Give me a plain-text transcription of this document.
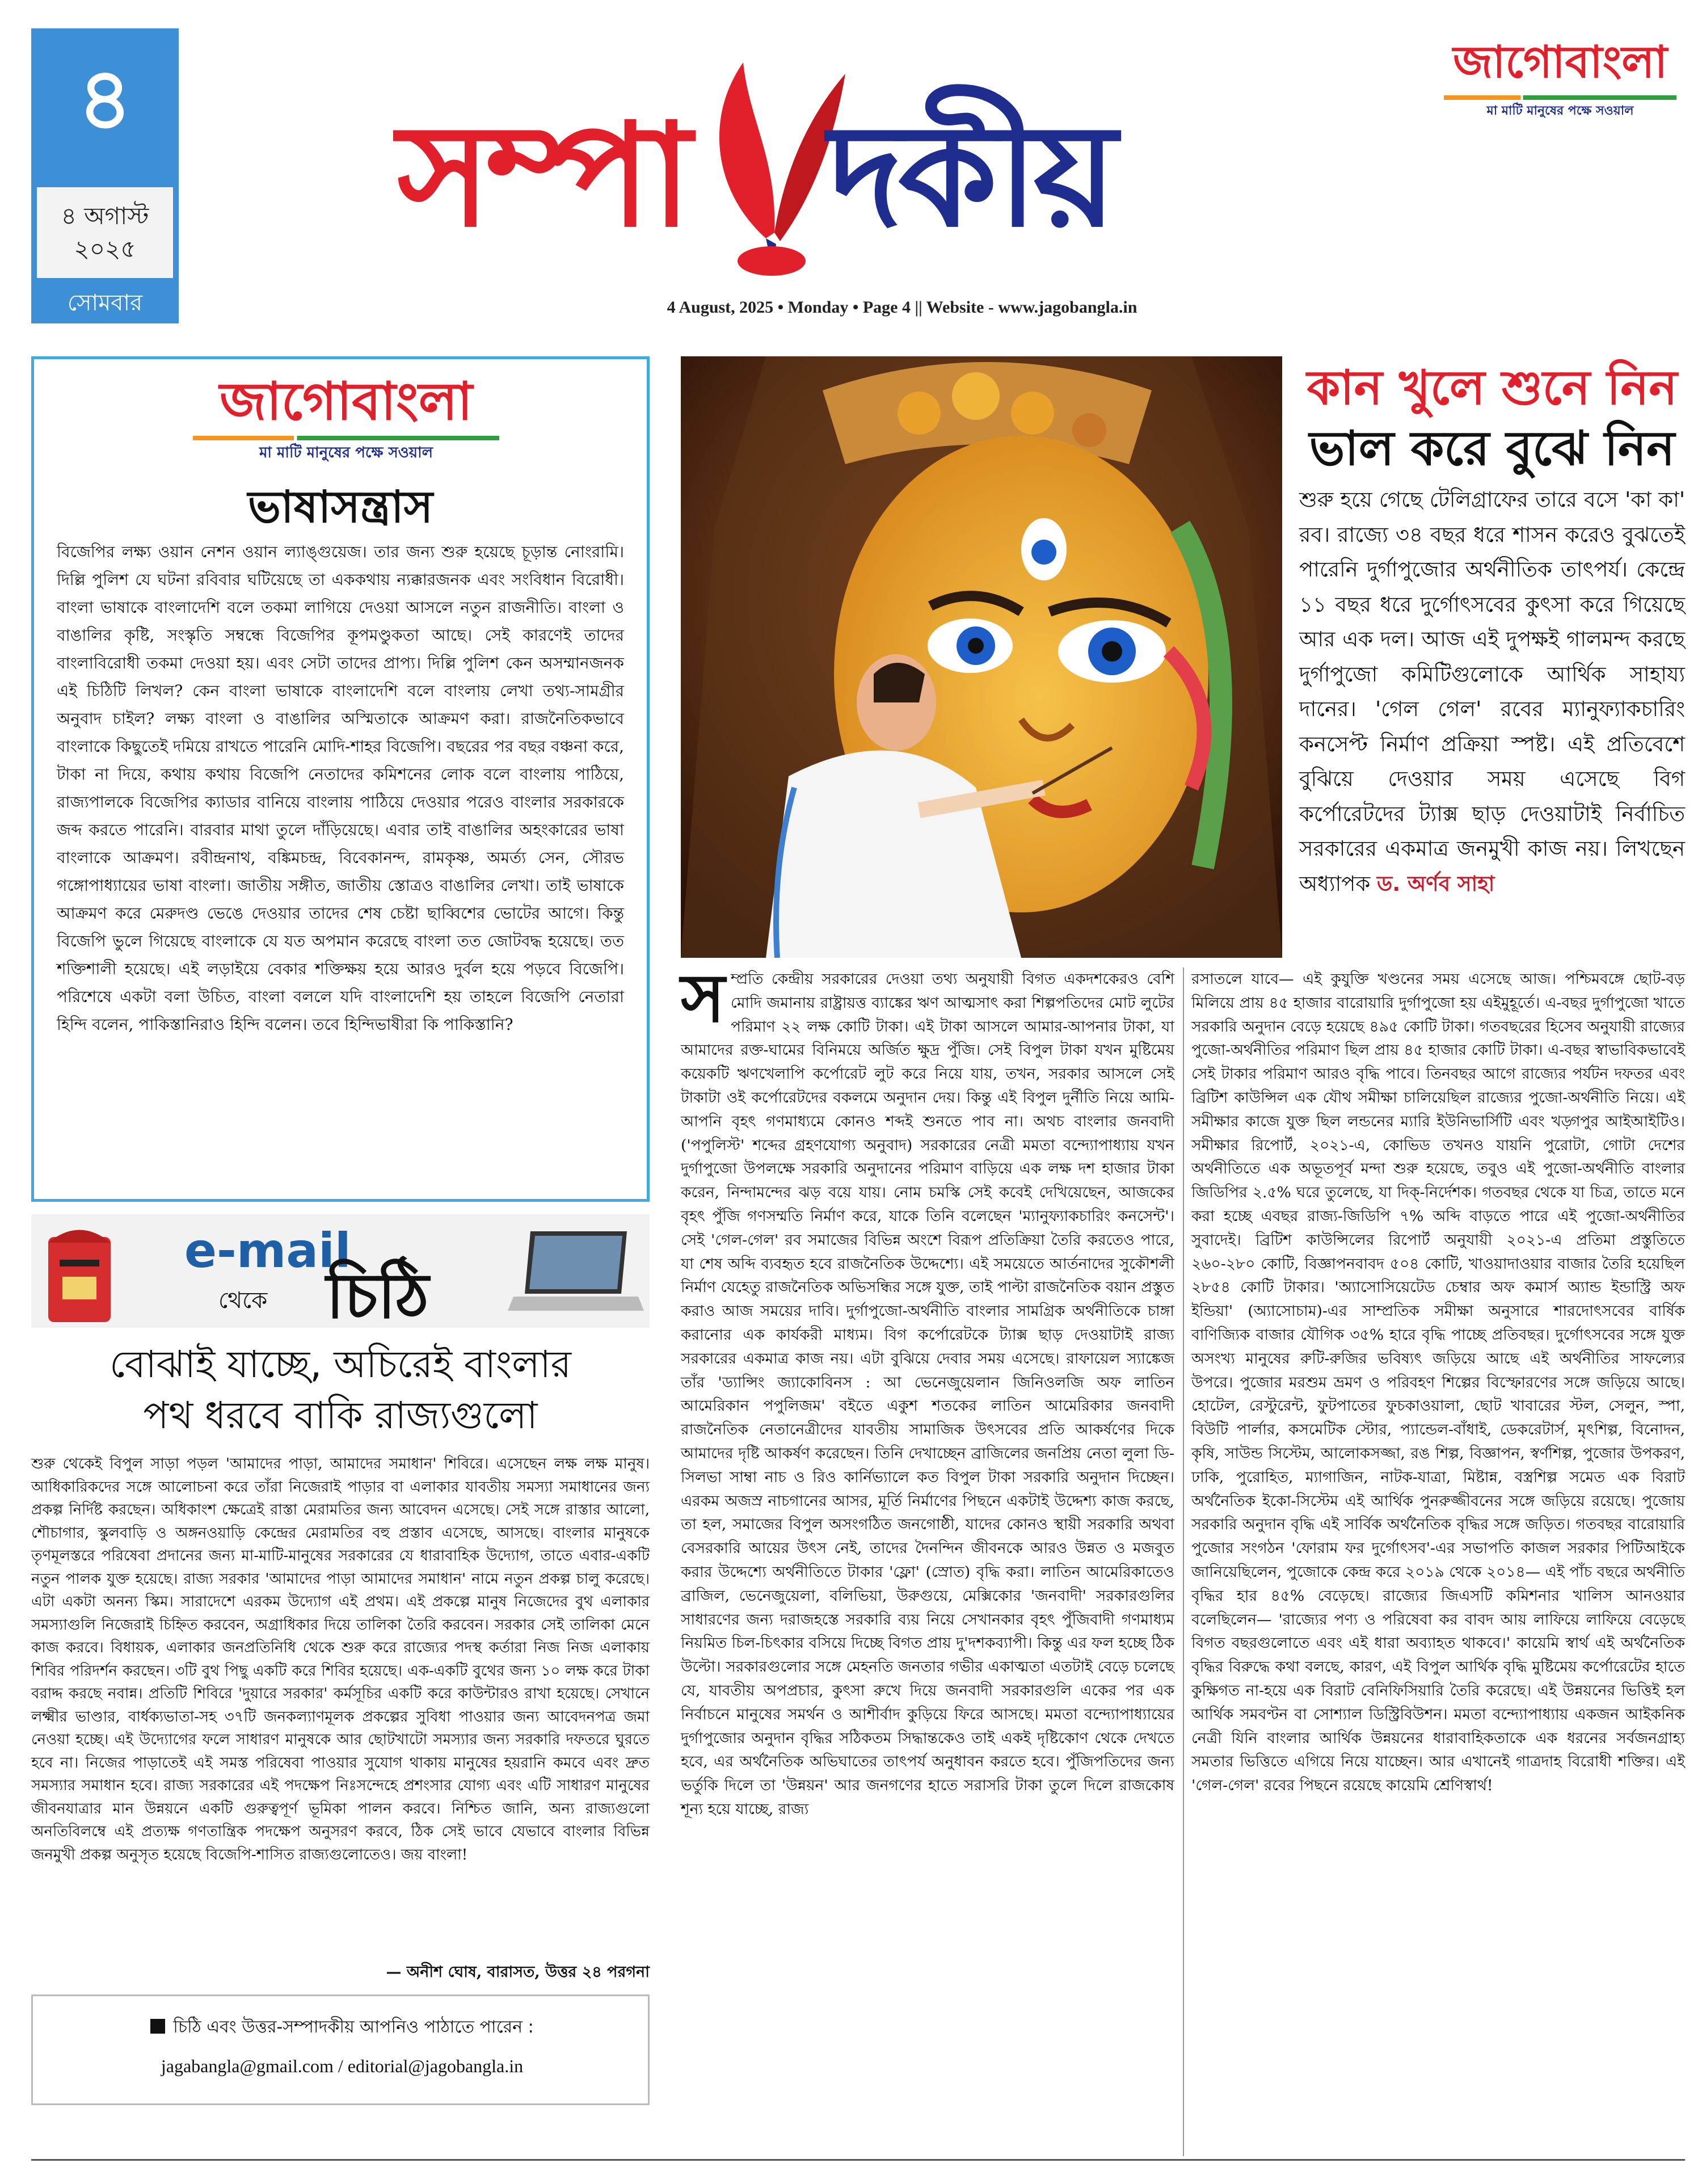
৪
৪ অগাস্ট
২০২৫
সোমবার
সম্পা দকীয়
4 August, 2025 • Monday • Page 4 || Website - www.jagobangla.in
জাগোবাংলা
মা মাটি মানুষের পক্ষে সওয়াল
জাগোবাংলা
মা মাটি মানুষের পক্ষে সওয়াল
ভাষাসন্ত্রাস
বিজেপির লক্ষ্য ওয়ান নেশন ওয়ান ল্যাঙ্গুয়েজ। তার জন্য শুরু হয়েছে চূড়ান্ত নোংরামি। দিল্লি পুলিশ যে ঘটনা রবিবার ঘটিয়েছে তা এককথায় ন্যক্কারজনক এবং সংবিধান বিরোধী। বাংলা ভাষাকে বাংলাদেশি বলে তকমা লাগিয়ে দেওয়া আসলে নতুন রাজনীতি। বাংলা ও বাঙালির কৃষ্টি, সংস্কৃতি সম্বন্ধে বিজেপির কূপমণ্ডুকতা আছে। সেই কারণেই তাদের বাংলাবিরোধী তকমা দেওয়া হয়। এবং সেটা তাদের প্রাপ্য। দিল্লি পুলিশ কেন অসম্মানজনক এই চিঠিটি লিখল? কেন বাংলা ভাষাকে বাংলাদেশি বলে বাংলায় লেখা তথ্য-সামগ্রীর অনুবাদ চাইল? লক্ষ্য বাংলা ও বাঙালির অস্মিতাকে আক্রমণ করা। রাজনৈতিকভাবে বাংলাকে কিছুতেই দমিয়ে রাখতে পারেনি মোদি-শাহর বিজেপি। বছরের পর বছর বঞ্চনা করে, টাকা না দিয়ে, কথায় কথায় বিজেপি নেতাদের কমিশনের লোক বলে বাংলায় পাঠিয়ে, রাজ্যপালকে বিজেপির ক্যাডার বানিয়ে বাংলায় পাঠিয়ে দেওয়ার পরেও বাংলার সরকারকে জব্দ করতে পারেনি। বারবার মাথা তুলে দাঁড়িয়েছে। এবার তাই বাঙালির অহংকারের ভাষা বাংলাকে আক্রমণ। রবীন্দ্রনাথ, বঙ্কিমচন্দ্র, বিবেকানন্দ, রামকৃষ্ণ, অমর্ত্য সেন, সৌরভ গঙ্গোপাধ্যায়ের ভাষা বাংলা। জাতীয় সঙ্গীত, জাতীয় স্তোত্রও বাঙালির লেখা। তাই ভাষাকে আক্রমণ করে মেরুদণ্ড ভেঙে দেওয়ার তাদের শেষ চেষ্টা ছাব্বিশের ভোটের আগে। কিন্তু বিজেপি ভুলে গিয়েছে বাংলাকে যে যত অপমান করেছে বাংলা তত জোটবদ্ধ হয়েছে। তত শক্তিশালী হয়েছে। এই লড়াইয়ে বেকার শক্তিক্ষয় হয়ে আরও দুর্বল হয়ে পড়বে বিজেপি। পরিশেষে একটা বলা উচিত, বাংলা বললে যদি বাংলাদেশি হয় তাহলে বিজেপি নেতারা হিন্দি বলেন, পাকিস্তানিরাও হিন্দি বলেন। তবে হিন্দিভাষীরা কি পাকিস্তানি?
e-mail
থেকে চিঠি
বোঝাই যাচ্ছে, অচিরেই বাংলার
পথ ধরবে বাকি রাজ্যগুলো
শুরু থেকেই বিপুল সাড়া পড়ল 'আমাদের পাড়া, আমাদের সমাধান' শিবিরে। এসেছেন লক্ষ লক্ষ মানুষ। আধিকারিকদের সঙ্গে আলোচনা করে তাঁরা নিজেরাই পাড়ার বা এলাকার যাবতীয় সমস্যা সমাধানের জন্য প্রকল্প নির্দিষ্ট করছেন। অধিকাংশ ক্ষেত্রেই রাস্তা মেরামতির জন্য আবেদন এসেছে। সেই সঙ্গে রাস্তার আলো, শৌচাগার, স্কুলবাড়ি ও অঙ্গনওয়াড়ি কেন্দ্রের মেরামতির বহু প্রস্তাব এসেছে, আসছে। বাংলার মানুষকে তৃণমূলস্তরে পরিষেবা প্রদানের জন্য মা-মাটি-মানুষের সরকারের যে ধারাবাহিক উদ্যোগ, তাতে এবার-একটি নতুন পালক যুক্ত হয়েছে। রাজ্য সরকার 'আমাদের পাড়া আমাদের সমাধান' নামে নতুন প্রকল্প চালু করেছে। এটা একটা অনন্য স্কিম। সারাদেশে এরকম উদ্যোগ এই প্রথম। এই প্রকল্পে মানুষ নিজেদের বুথ এলাকার সমস্যাগুলি নিজেরাই চিহ্নিত করবেন, অগ্রাধিকার দিয়ে তালিকা তৈরি করবেন। সরকার সেই তালিকা মেনে কাজ করবে। বিধায়ক, এলাকার জনপ্রতিনিধি থেকে শুরু করে রাজ্যের পদস্থ কর্তারা নিজ নিজ এলাকায় শিবির পরিদর্শন করছেন। ৩টি বুথ পিছু একটি করে শিবির হয়েছে। এক-একটি বুথের জন্য ১০ লক্ষ করে টাকা বরাদ্দ করছে নবান্ন। প্রতিটি শিবিরে 'দুয়ারে সরকার' কর্মসূচির একটি করে কাউন্টারও রাখা হয়েছে। সেখানে লক্ষ্মীর ভাণ্ডার, বার্ধক্যভাতা-সহ ৩৭টি জনকল্যাণমূলক প্রকল্পের সুবিধা পাওয়ার জন্য আবেদনপত্র জমা নেওয়া হচ্ছে। এই উদ্যোগের ফলে সাধারণ মানুষকে আর ছোটখাটো সমস্যার জন্য সরকারি দফতরে ঘুরতে হবে না। নিজের পাড়াতেই এই সমস্ত পরিষেবা পাওয়ার সুযোগ থাকায় মানুষের হয়রানি কমবে এবং দ্রুত সমস্যার সমাধান হবে। রাজ্য সরকারের এই পদক্ষেপ নিঃসন্দেহে প্রশংসার যোগ্য এবং এটি সাধারণ মানুষের জীবনযাত্রার মান উন্নয়নে একটি গুরুত্বপূর্ণ ভূমিকা পালন করবে। নিশ্চিত জানি, অন্য রাজ্যগুলো অনতিবিলম্বে এই প্রত্যক্ষ গণতান্ত্রিক পদক্ষেপ অনুসরণ করবে, ঠিক সেই ভাবে যেভাবে বাংলার বিভিন্ন জনমুখী প্রকল্প অনুসৃত হয়েছে বিজেপি-শাসিত রাজ্যগুলোতেও। জয় বাংলা!
— অনীশ ঘোষ, বারাসত, উত্তর ২৪ পরগনা
চিঠি এবং উত্তর-সম্পাদকীয় আপনিও পাঠাতে পারেন :
jagabangla@gmail.com / editorial@jagobangla.in
কান খুলে শুনে নিন
ভাল করে বুঝে নিন
শুরু হয়ে গেছে টেলিগ্রাফের তারে বসে 'কা কা' রব। রাজ্যে ৩৪ বছর ধরে শাসন করেও বুঝতেই পারেনি দুর্গাপুজোর অর্থনীতিক তাৎপর্য। কেন্দ্রে ১১ বছর ধরে দুর্গোৎসবের কুৎসা করে গিয়েছে আর এক দল। আজ এই দুপক্ষই গালমন্দ করছে দুর্গাপুজো কমিটিগুলোকে আর্থিক সাহায্য দানের। 'গেল গেল' রবের ম্যানুফ্যাকচারিং কনসেপ্ট নির্মাণ প্রক্রিয়া স্পষ্ট। এই প্রতিবেশে বুঝিয়ে দেওয়ার সময় এসেছে বিগ কর্পোরেটদের ট্যাক্স ছাড় দেওয়াটাই নির্বাচিত সরকারের একমাত্র জনমুখী কাজ নয়। লিখছেন অধ্যাপক ড. অর্ণব সাহা
সম্প্রতি কেন্দ্রীয় সরকারের দেওয়া তথ্য অনুযায়ী বিগত একদশকেরও বেশি মোদি জমানায় রাষ্ট্রায়ত্ত ব্যাঙ্কের ঋণ আত্মসাৎ করা শিল্পপতিদের মোট লুটের পরিমাণ ২২ লক্ষ কোটি টাকা। এই টাকা আসলে আমার-আপনার টাকা, যা আমাদের রক্ত-ঘামের বিনিময়ে অর্জিত ক্ষুদ্র পুঁজি। সেই বিপুল টাকা যখন মুষ্টিমেয় কয়েকটি ঋণখেলাপি কর্পোরেট লুট করে নিয়ে যায়, তখন, সরকার আসলে সেই টাকাটা ওই কর্পোরেটদের বকলমে অনুদান দেয়। কিন্তু এই বিপুল দুর্নীতি নিয়ে আমি-আপনি বৃহৎ গণমাধ্যমে কোনও শব্দই শুনতে পাব না। অথচ বাংলার জনবাদী ('পপুলিস্ট' শব্দের গ্রহণযোগ্য অনুবাদ) সরকারের নেত্রী মমতা বন্দ্যোপাধ্যায় যখন দুর্গাপুজো উপলক্ষে সরকারি অনুদানের পরিমাণ বাড়িয়ে এক লক্ষ দশ হাজার টাকা করেন, নিন্দামন্দের ঝড় বয়ে যায়। নোম চমস্কি সেই কবেই দেখিয়েছেন, আজকের বৃহৎ পুঁজি গণসম্মতি নির্মাণ করে, যাকে তিনি বলেছেন 'ম্যানুফ্যাকচারিং কনসেন্ট'। সেই 'গেল-গেল' রব সমাজের বিভিন্ন অংশে বিরূপ প্রতিক্রিয়া তৈরি করতেও পারে, যা শেষ অব্দি ব্যবহৃত হবে রাজনৈতিক উদ্দেশ্যে। এই সময়েতে আর্তনাদের সুকৌশলী নির্মাণ যেহেতু রাজনৈতিক অভিসন্ধির সঙ্গে যুক্ত, তাই পাল্টা রাজনৈতিক বয়ান প্রস্তুত করাও আজ সময়ের দাবি। দুর্গাপুজো-অর্থনীতি বাংলার সামগ্রিক অর্থনীতিকে চাঙ্গা করানোর এক কার্যকরী মাধ্যম। বিগ কর্পোরেটকে ট্যাক্স ছাড় দেওয়াটাই রাজ্য সরকারের একমাত্র কাজ নয়। এটা বুঝিয়ে দেবার সময় এসেছে। রাফায়েল স্যাঙ্কেজ তাঁর 'ড্যান্সিং জ্যাকোবিনস : আ ভেনেজুয়েলান জিনিওলজি অফ লাতিন আমেরিকান পপুলিজম' বইতে একুশ শতকের লাতিন আমেরিকার জনবাদী রাজনৈতিক নেতানেত্রীদের যাবতীয় সামাজিক উৎসবের প্রতি আকর্ষণের দিকে আমাদের দৃষ্টি আকর্ষণ করেছেন। তিনি দেখাচ্ছেন ব্রাজিলের জনপ্রিয় নেতা লুলা ডি-সিলভা সাম্বা নাচ ও রিও কার্নিভ্যালে কত বিপুল টাকা সরকারি অনুদান দিচ্ছেন। এরকম অজস্র নাচগানের আসর, মূর্তি নির্মাণের পিছনে একটাই উদ্দেশ্য কাজ করছে, তা হল, সমাজের বিপুল অসংগঠিত জনগোষ্ঠী, যাদের কোনও স্থায়ী সরকারি অথবা বেসরকারি আয়ের উৎস নেই, তাদের দৈনন্দিন জীবনকে আরও উন্নত ও মজবুত করার উদ্দেশ্যে অর্থনীতিতে টাকার 'ফ্লো' (স্রোত) বৃদ্ধি করা। লাতিন আমেরিকাতেও ব্রাজিল, ভেনেজুয়েলা, বলিভিয়া, উরুগুয়ে, মেক্সিকোর 'জনবাদী' সরকারগুলির সাধারণের জন্য দরাজহস্তে সরকারি ব্যয় নিয়ে সেখানকার বৃহৎ পুঁজিবাদী গণমাধ্যম নিয়মিত চিল-চিৎকার বসিয়ে দিচ্ছে বিগত প্রায় দু'দশকব্যাপী। কিন্তু এর ফল হচ্ছে ঠিক উল্টো। সরকারগুলোর সঙ্গে মেহনতি জনতার গভীর একাত্মতা এতটাই বেড়ে চলেছে যে, যাবতীয় অপপ্রচার, কুৎসা রুখে দিয়ে জনবাদী সরকারগুলি একের পর এক নির্বাচনে মানুষের সমর্থন ও আশীর্বাদ কুড়িয়ে ফিরে আসছে। মমতা বন্দ্যোপাধ্যায়ের দুর্গাপুজোর অনুদান বৃদ্ধির সঠিকতম সিদ্ধান্তকেও তাই একই দৃষ্টিকোণ থেকে দেখতে হবে, এর অর্থনৈতিক অভিঘাতের তাৎপর্য অনুধাবন করতে হবে। পুঁজিপতিদের জন্য ভর্তুকি দিলে তা 'উন্নয়ন' আর জনগণের হাতে সরাসরি টাকা তুলে দিলে রাজকোষ শূন্য হয়ে যাচ্ছে, রাজ্য
রসাতলে যাবে— এই কুযুক্তি খণ্ডনের সময় এসেছে আজ। পশ্চিমবঙ্গে ছোট-বড় মিলিয়ে প্রায় ৪৫ হাজার বারোয়ারি দুর্গাপুজো হয় এইমুহূর্তে। এ-বছর দুর্গাপুজো খাতে সরকারি অনুদান বেড়ে হয়েছে ৪৯৫ কোটি টাকা। গতবছরের হিসেব অনুযায়ী রাজ্যের পুজো-অর্থনীতির পরিমাণ ছিল প্রায় ৪৫ হাজার কোটি টাকা। এ-বছর স্বাভাবিকভাবেই সেই টাকার পরিমাণ আরও বৃদ্ধি পাবে। তিনবছর আগে রাজ্যের পর্যটন দফতর এবং ব্রিটিশ কাউন্সিল এক যৌথ সমীক্ষা চালিয়েছিল রাজ্যের পুজো-অর্থনীতি নিয়ে। এই সমীক্ষার কাজে যুক্ত ছিল লন্ডনের ম্যারি ইউনিভার্সিটি এবং খড়্গপুর আইআইটিও। সমীক্ষার রিপোর্ট, ২০২১-এ, কোভিড তখনও যায়নি পুরোটা, গোটা দেশের অর্থনীতিতে এক অভূতপূর্ব মন্দা শুরু হয়েছে, তবুও এই পুজো-অর্থনীতি বাংলার জিডিপির ২.৫% ঘরে তুলেছে, যা দিক্-নির্দেশক। গতবছর থেকে যা চিত্র, তাতে মনে করা হচ্ছে এবছর রাজ্য-জিডিপি ৭% অব্দি বাড়তে পারে এই পুজো-অর্থনীতির সুবাদেই। ব্রিটিশ কাউন্সিলের রিপোর্ট অনুযায়ী ২০২১-এ প্রতিমা প্রস্তুতিতে ২৬০-২৮০ কোটি, বিজ্ঞাপনবাবদ ৫০৪ কোটি, খাওয়াদাওয়ার বাজার তৈরি হয়েছিল ২৮৫৪ কোটি টাকার। 'অ্যাসোসিয়েটেড চেম্বার অফ কমার্স অ্যান্ড ইন্ডাস্ট্রি অফ ইন্ডিয়া' (অ্যাসোচাম)-এর সাম্প্রতিক সমীক্ষা অনুসারে শারদোৎসবের বার্ষিক বাণিজ্যিক বাজার যৌগিক ৩৫% হারে বৃদ্ধি পাচ্ছে প্রতিবছর। দুর্গোৎসবের সঙ্গে যুক্ত অসংখ্য মানুষের রুটি-রুজির ভবিষ্যৎ জড়িয়ে আছে এই অর্থনীতির সাফল্যের উপরে। পুজোর মরশুম ভ্রমণ ও পরিবহণ শিল্পের বিস্ফোরণের সঙ্গে জড়িয়ে আছে। হোটেল, রেস্টুরেন্ট, ফুটপাতের ফুচকাওয়ালা, ছোট খাবারের স্টল, সেলুন, স্পা, বিউটি পার্লার, কসমেটিক স্টোর, প্যান্ডেল-বাঁধাই, ডেকরেটার্স, মৃৎশিল্প, বিনোদন, কৃষি, সাউন্ড সিস্টেম, আলোকসজ্জা, রঙ শিল্প, বিজ্ঞাপন, স্বর্ণশিল্প, পুজোর উপকরণ, ঢাকি, পুরোহিত, ম্যাগাজিন, নাটক-যাত্রা, মিষ্টান্ন, বস্ত্রশিল্প সমেত এক বিরাট অর্থনৈতিক ইকো-সিস্টেম এই আর্থিক পুনরুজ্জীবনের সঙ্গে জড়িয়ে রয়েছে। পুজোয় সরকারি অনুদান বৃদ্ধি এই সার্বিক অর্থনৈতিক বৃদ্ধির সঙ্গে জড়িত। গতবছর বারোয়ারি পুজোর সংগঠন 'ফোরাম ফর দুর্গোৎসব'-এর সভাপতি কাজল সরকার পিটিআইকে জানিয়েছিলেন, পুজোকে কেন্দ্র করে ২০১৯ থেকে ২০১৪— এই পাঁচ বছরে অর্থনীতি বৃদ্ধির হার ৪৫% বেড়েছে। রাজ্যের জিএসটি কমিশনার খালিস আনওয়ার বলেছিলেন— 'রাজ্যের পণ্য ও পরিষেবা কর বাবদ আয় লাফিয়ে লাফিয়ে বেড়েছে বিগত বছরগুলোতে এবং এই ধারা অব্যাহত থাকবে।' কায়েমি স্বার্থ এই অর্থনৈতিক বৃদ্ধির বিরুদ্ধে কথা বলছে, কারণ, এই বিপুল আর্থিক বৃদ্ধি মুষ্টিমেয় কর্পোরেটের হাতে কুক্ষিগত না-হয়ে এক বিরাট বেনিফিসিয়ারি তৈরি করেছে। এই উন্নয়নের ভিত্তিই হল আর্থিক সমবণ্টন বা সোশ্যাল ডিস্ট্রিবিউশন। মমতা বন্দ্যোপাধ্যায় একজন আইকনিক নেত্রী যিনি বাংলার আর্থিক উন্নয়নের ধারাবাহিকতাকে এক ধরনের সর্বজনগ্রাহ্য সমতার ভিত্তিতে এগিয়ে নিয়ে যাচ্ছেন। আর এখানেই গাত্রদাহ বিরোধী শক্তির। এই 'গেল-গেল' রবের পিছনে রয়েছে কায়েমি শ্রেণিস্বার্থ!
